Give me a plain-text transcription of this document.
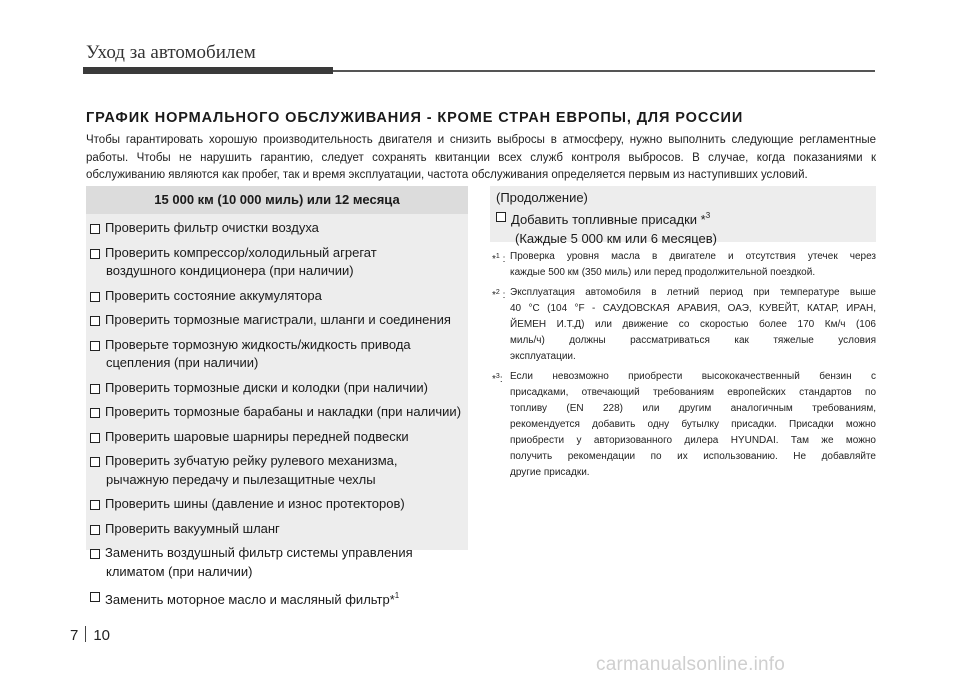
Уход за автомобилем
ГРАФИК НОРМАЛЬНОГО ОБСЛУЖИВАНИЯ - КРОМЕ СТРАН ЕВРОПЫ, ДЛЯ РОССИИ
Чтобы гарантировать хорошую производительность двигателя и снизить выбросы в атмосферу, нужно выполнить следующие регламентные
работы. Чтобы не нарушить гарантию, следует сохранять квитанции всех служб контроля выбросов. В случае, когда показаниями к
обслуживанию являются как пробег, так и время эксплуатации, частота обслуживания определяется первым из наступивших условий.
15 000 км (10 000 миль) или 12 месяца
Проверить фильтр очистки воздуха
Проверить компрессор/холодильный агрегат
воздушного кондиционера (при наличии)
Проверить состояние аккумулятора
Проверить тормозные магистрали, шланги и соединения
Проверьте тормозную жидкость/жидкость привода
сцепления (при наличии)
Проверить тормозные диски и колодки (при наличии)
Проверить тормозные барабаны и накладки (при наличии)
Проверить шаровые шарниры передней подвески
Проверить зубчатую рейку рулевого механизма,
рычажную передачу и пылезащитные чехлы
Проверить шины (давление и износ протекторов)
Проверить вакуумный шланг
Заменить воздушный фильтр системы управления
климатом (при наличии)
Заменить моторное масло и масляный фильтр*$^1$
(Продолжение)
Добавить топливные присадки *$^3$
(Каждые 5 000 км или 6 месяцев)
*$^1$ : Проверка уровня масла в двигателе и отсутствия утечек через
каждые 500 км (350 миль) или перед продолжительной поездкой.
*$^2$ : Эксплуатация автомобиля в летний период при температуре выше
40 °C (104 °F - САУДОВСКАЯ АРАВИЯ, ОАЭ, КУВЕЙТ, КАТАР, ИРАН,
ЙЕМЕН И.Т.Д) или движение со скоростью более 170 Км/ч (106
миль/ч) должны рассматриваться как тяжелые условия
эксплуатации.
*$^3$: Если невозможно приобрести высококачественный бензин с
присадками, отвечающий требованиям европейских стандартов по
топливу (EN 228) или другим аналогичным требованиям,
рекомендуется добавить одну бутылку присадки. Присадки можно
приобрести у авторизованного дилера HYUNDAI. Там же можно
получить рекомендации по их использованию. Не добавляйте
другие присадки.
7 10
carmanualsonline.info
